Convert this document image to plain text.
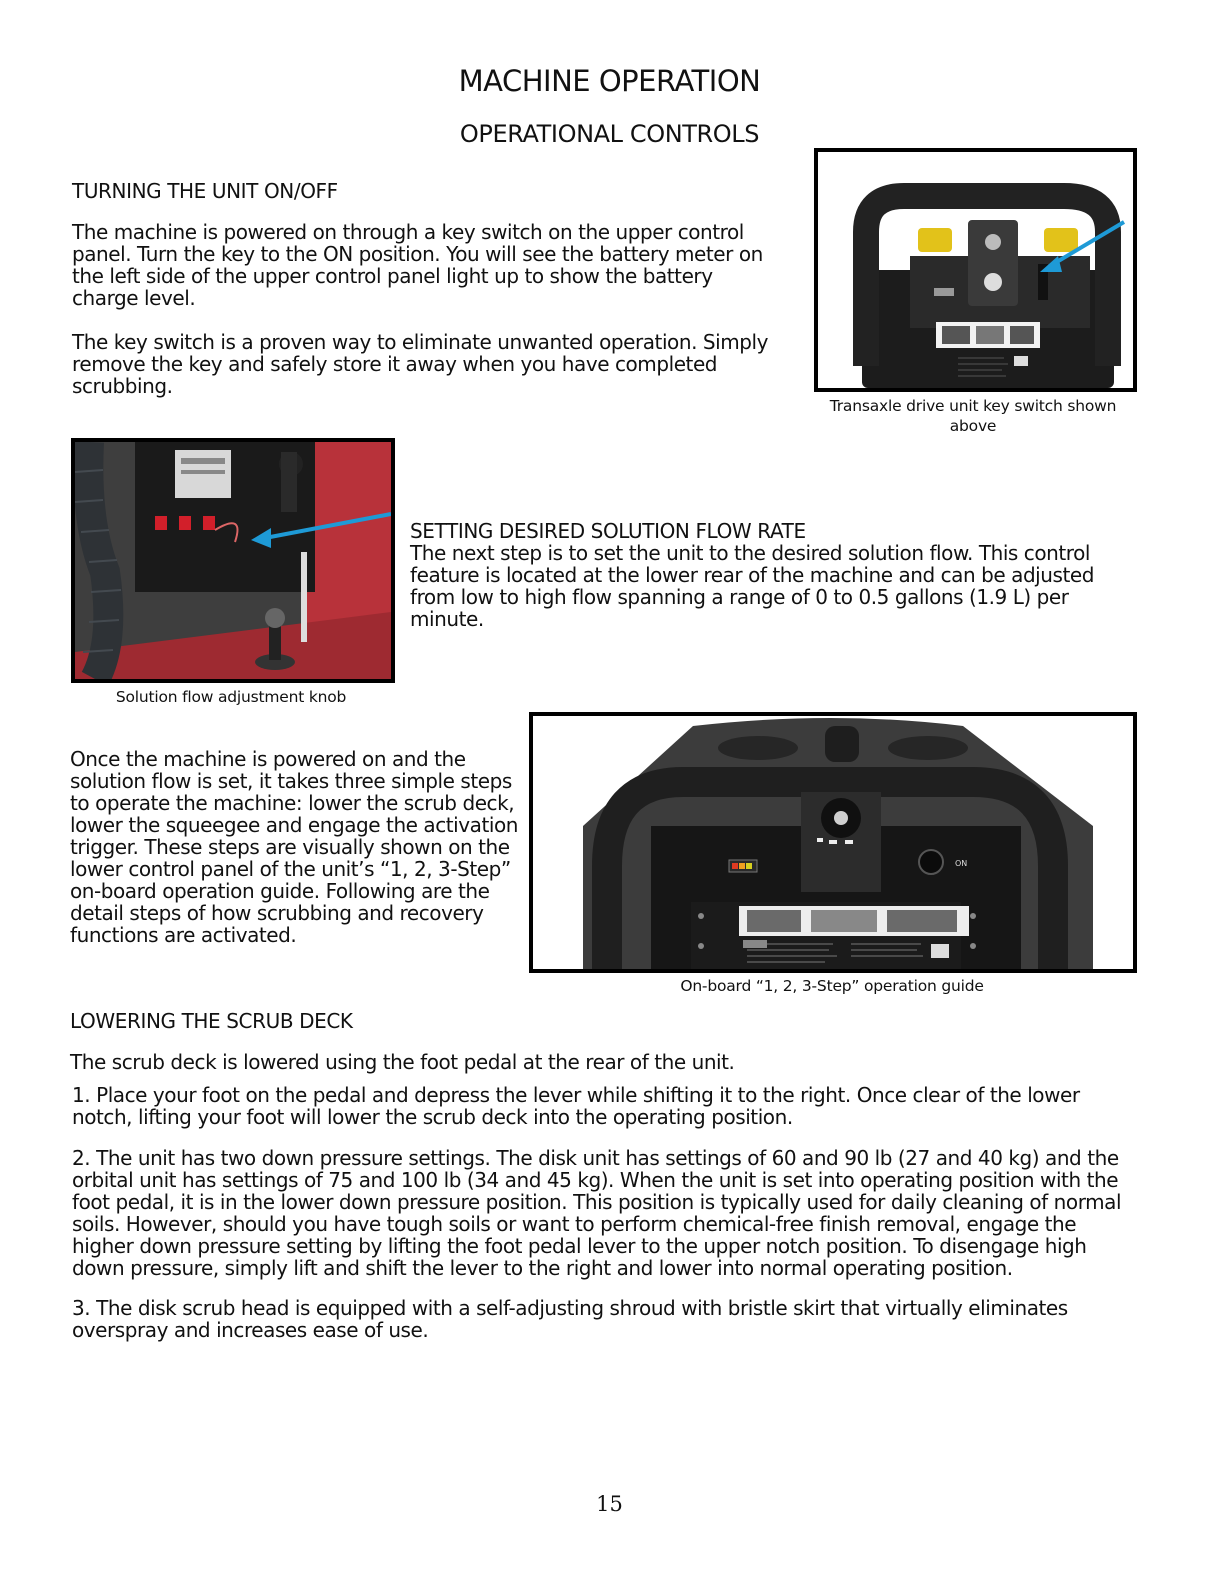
MACHINE OPERATION
OPERATIONAL CONTROLS
TURNING THE UNIT ON/OFF

The machine is powered on through a key switch on the upper control panel. Turn the key to the ON position. You will see the battery meter on the left side of the upper control panel light up to show the battery charge level.

The key switch is a proven way to eliminate unwanted operation. Simply remove the key and safely store it away when you have completed scrubbing.

Transaxle drive unit key switch shown above
Solution flow adjustment knob
SETTING DESIRED SOLUTION FLOW RATE

The next step is to set the unit to the desired solution flow. This control feature is located at the lower rear of the machine and can be adjusted from low to high flow spanning a range of 0 to 0.5 gallons (1.9 L) per minute.

Once the machine is powered on and the solution flow is set, it takes three simple steps to operate the machine: lower the scrub deck, lower the squeegee and engage the activation trigger. These steps are visually shown on the lower control panel of the unit’s “1, 2, 3-Step” on-board operation guide. Following are the detail steps of how scrubbing and recovery functions are activated.

ON
On-board “1, 2, 3-Step” operation guide
LOWERING THE SCRUB DECK

The scrub deck is lowered using the foot pedal at the rear of the unit.

1. Place your foot on the pedal and depress the lever while shifting it to the right. Once clear of the lower notch, lifting your foot will lower the scrub deck into the operating position.

2. The unit has two down pressure settings. The disk unit has settings of 60 and 90 lb (27 and 40 kg) and the orbital unit has settings of 75 and 100 lb (34 and 45 kg). When the unit is set into operating position with the foot pedal, it is in the lower down pressure position. This position is typically used for daily cleaning of normal soils. However, should you have tough soils or want to perform chemical-free finish removal, engage the higher down pressure setting by lifting the foot pedal lever to the upper notch position. To disengage high down pressure, simply lift and shift the lever to the right and lower into normal operating position.

3. The disk scrub head is equipped with a self-adjusting shroud with bristle skirt that virtually eliminates overspray and increases ease of use.

15
